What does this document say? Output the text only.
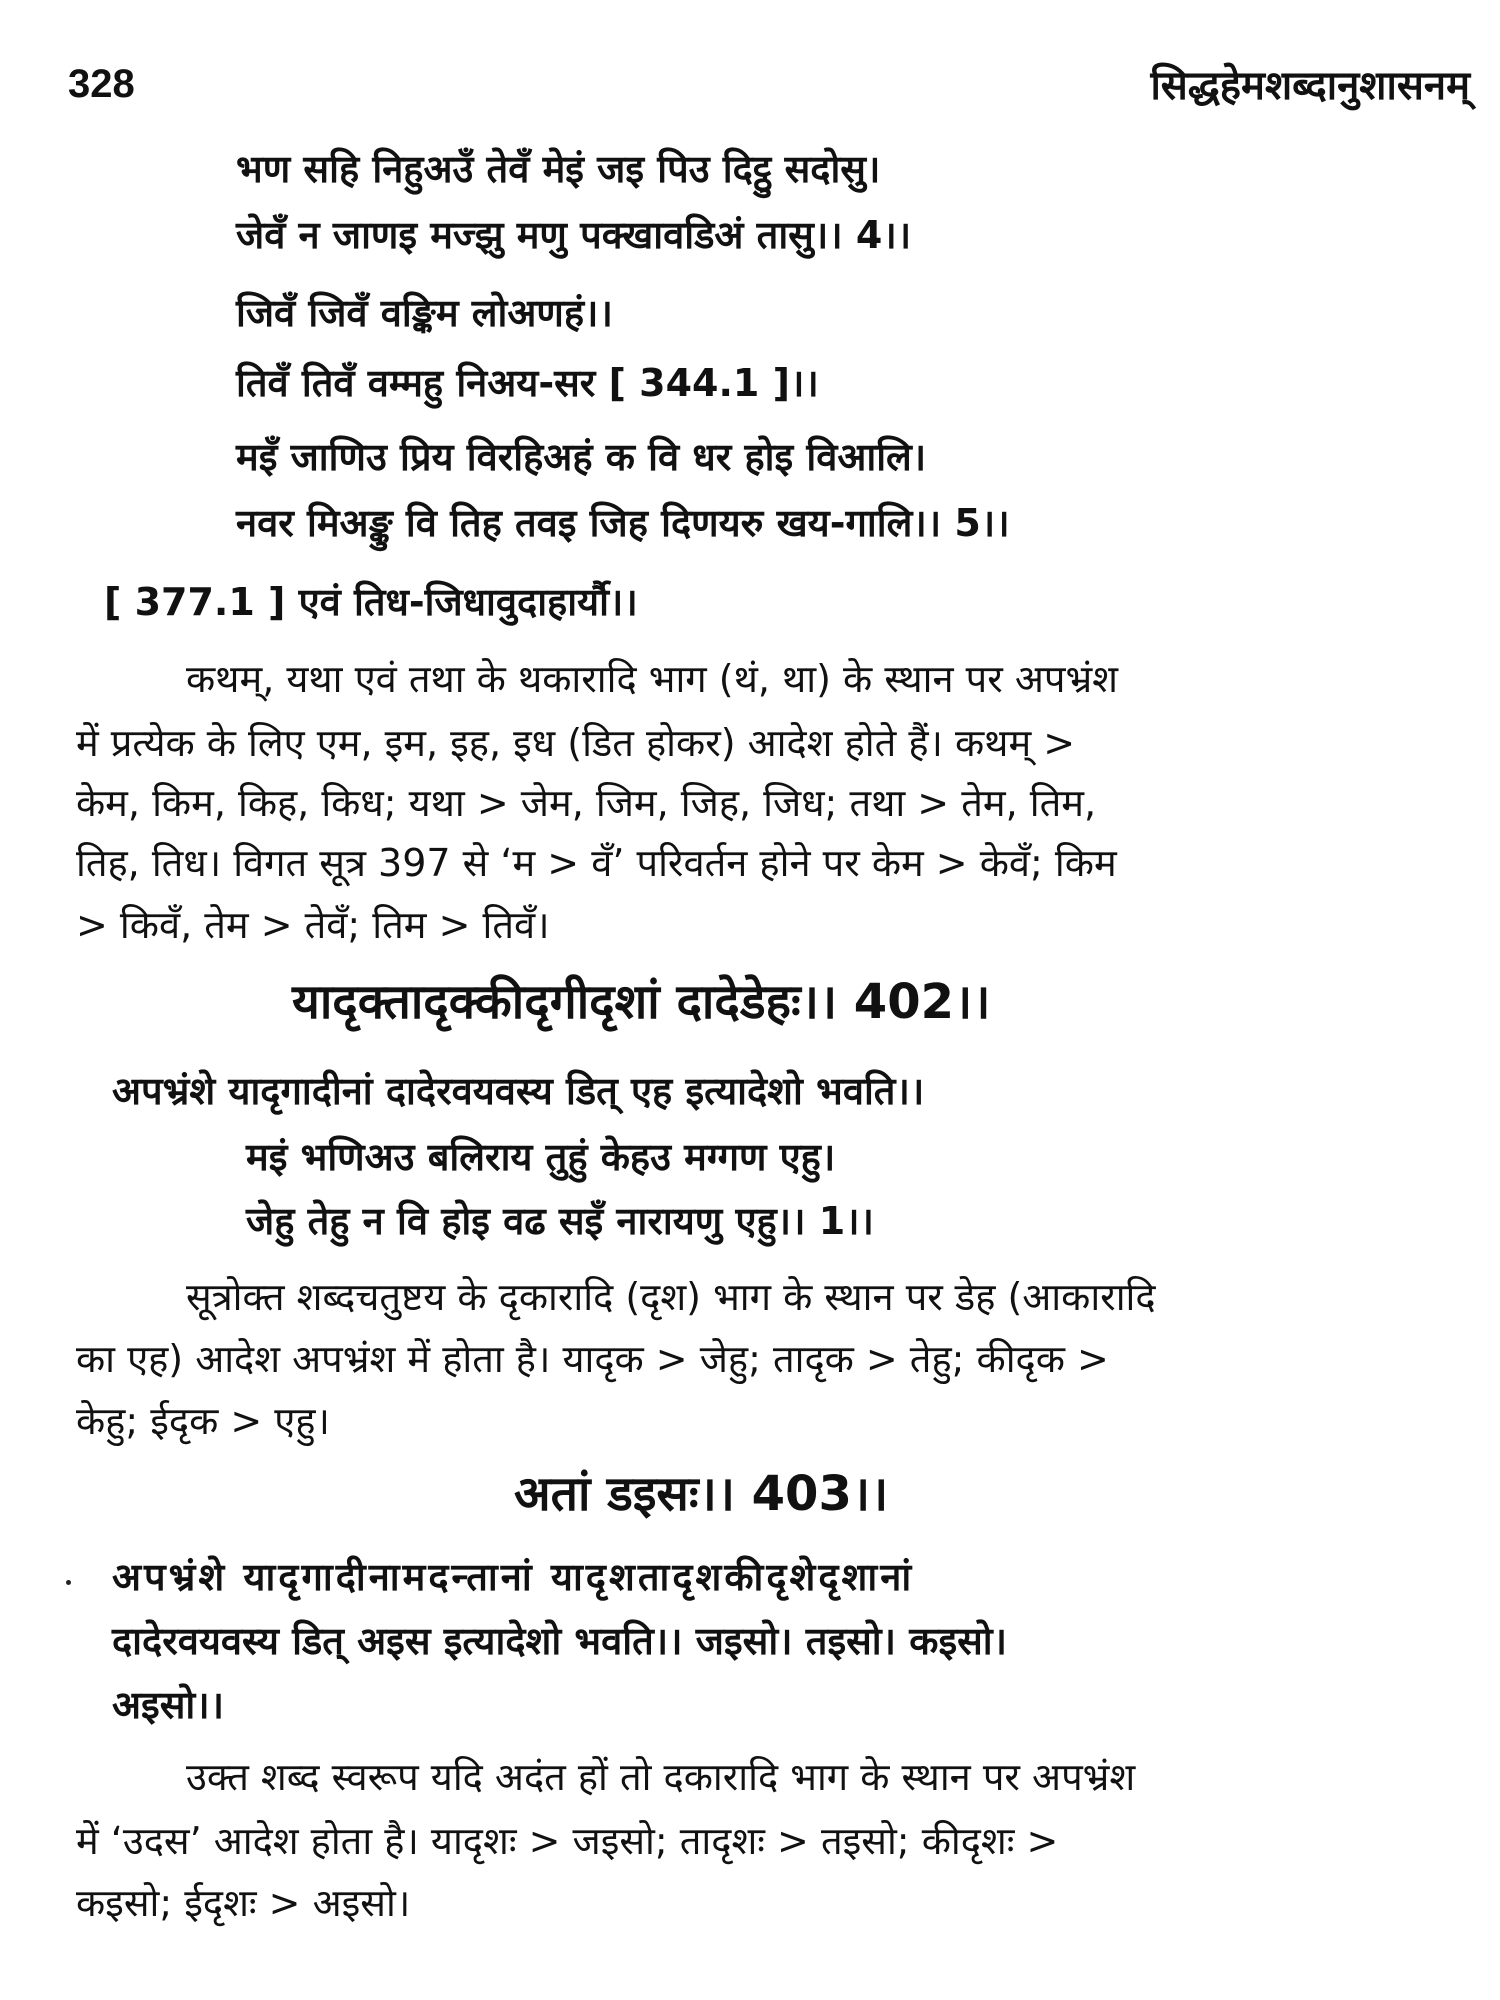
328	सिद्धहेमशब्दानुशासनम्
भण सहि निहुअउँ तेवँ मेइं जइ पिउ दिट्ठु सदोसु।
जेवँ न जाणइ मज्झु मणु पक्खावडिअं तासु।। 4।।
जिवँ जिवँ वङ्किम लोअणहं।।
तिवँ तिवँ वम्महु निअय-सर [ 344.1 ]।।
मइँ जाणिउ प्रिय विरहिअहं क वि धर होइ विआलि।
नवर मिअङ्कु वि तिह तवइ जिह दिणयरु खय-गालि।। 5।।
[ 377.1 ] एवं तिध-जिधावुदाहार्यौ।।
कथम्, यथा एवं तथा के थकारादि भाग (थं, था) के स्थान पर अपभ्रंश
में प्रत्येक के लिए एम, इम, इह, इध (डित होकर) आदेश होते हैं। कथम् >
केम, किम, किह, किध; यथा > जेम, जिम, जिह, जिध; तथा > तेम, तिम,
तिह, तिध। विगत सूत्र 397 से ‘म > वँ’ परिवर्तन होने पर केम > केवँ; किम
> किवँ, तेम > तेवँ; तिम > तिवँ।
यादृक्तादृक्कीदृगीदृशां दादेडेहः।। 402।।
अपभ्रंशे यादृगादीनां दादेरवयवस्य डित् एह इत्यादेशो भवति।।
मइं भणिअउ बलिराय तुहुं केहउ मग्गण एहु।
जेहु तेहु न वि होइ वढ सइँ नारायणु एहु।। 1।।
सूत्रोक्त शब्दचतुष्टय के दृकारादि (दृश) भाग के स्थान पर डेह (आकारादि
का एह) आदेश अपभ्रंश में होता है। यादृक > जेहु; तादृक > तेहु; कीदृक >
केहु; ईदृक > एहु।
अतां डइसः।। 403।।
अपभ्रंशे यादृगादीनामदन्तानां यादृशतादृशकीदृशेदृशानां
दादेरवयवस्य डित् अइस इत्यादेशो भवति।। जइसो। तइसो। कइसो।
अइसो।।
उक्त शब्द स्वरूप यदि अदंत हों तो दकारादि भाग के स्थान पर अपभ्रंश
में ‘उदस’ आदेश होता है। यादृशः > जइसो; तादृशः > तइसो; कीदृशः >
कइसो; ईदृशः > अइसो।
